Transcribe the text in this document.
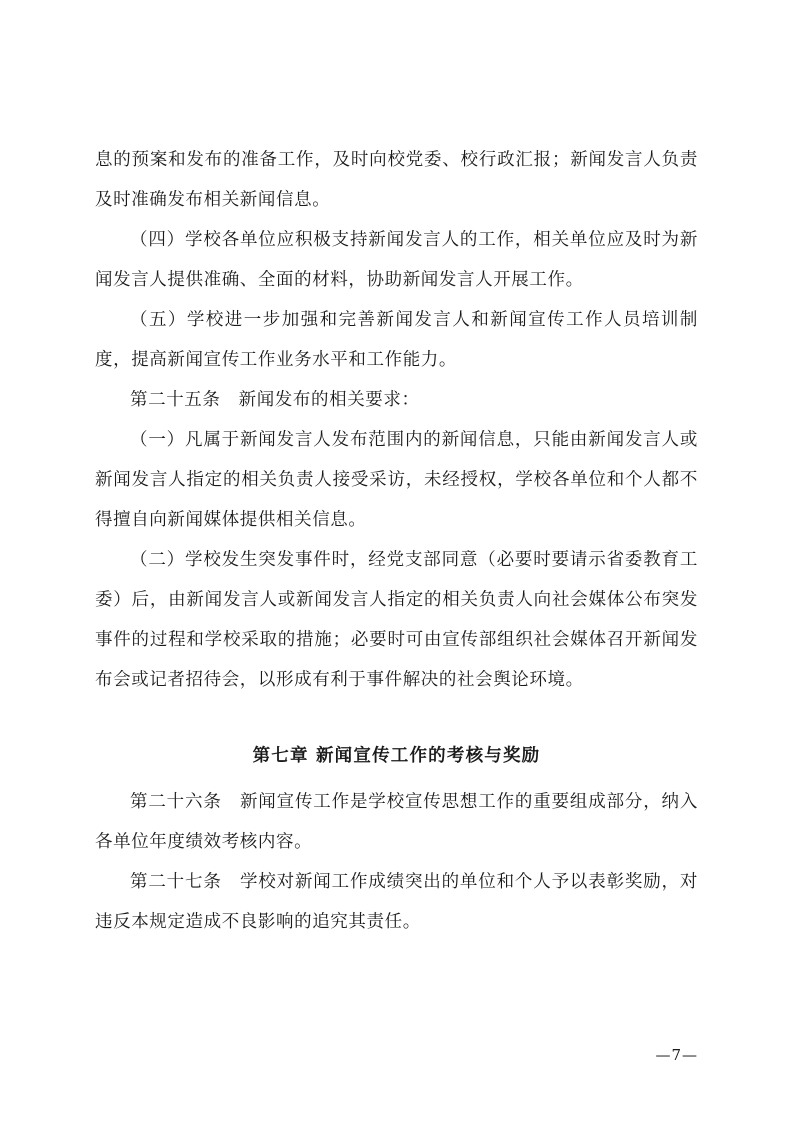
息的预案和发布的准备工作，及时向校党委、校行政汇报；新闻发言人负责及时准确发布相关新闻信息。

（四）学校各单位应积极支持新闻发言人的工作，相关单位应及时为新闻发言人提供准确、全面的材料，协助新闻发言人开展工作。

（五）学校进一步加强和完善新闻发言人和新闻宣传工作人员培训制度，提高新闻宣传工作业务水平和工作能力。

第二十五条　新闻发布的相关要求：

（一）凡属于新闻发言人发布范围内的新闻信息，只能由新闻发言人或新闻发言人指定的相关负责人接受采访，未经授权，学校各单位和个人都不得擅自向新闻媒体提供相关信息。

（二）学校发生突发事件时，经党支部同意（必要时要请示省委教育工委）后，由新闻发言人或新闻发言人指定的相关负责人向社会媒体公布突发事件的过程和学校采取的措施；必要时可由宣传部组织社会媒体召开新闻发布会或记者招待会，以形成有利于事件解决的社会舆论环境。

第七章 新闻宣传工作的考核与奖励

第二十六条　新闻宣传工作是学校宣传思想工作的重要组成部分，纳入各单位年度绩效考核内容。

第二十七条　学校对新闻工作成绩突出的单位和个人予以表彰奖励，对违反本规定造成不良影响的追究其责任。

—7—
